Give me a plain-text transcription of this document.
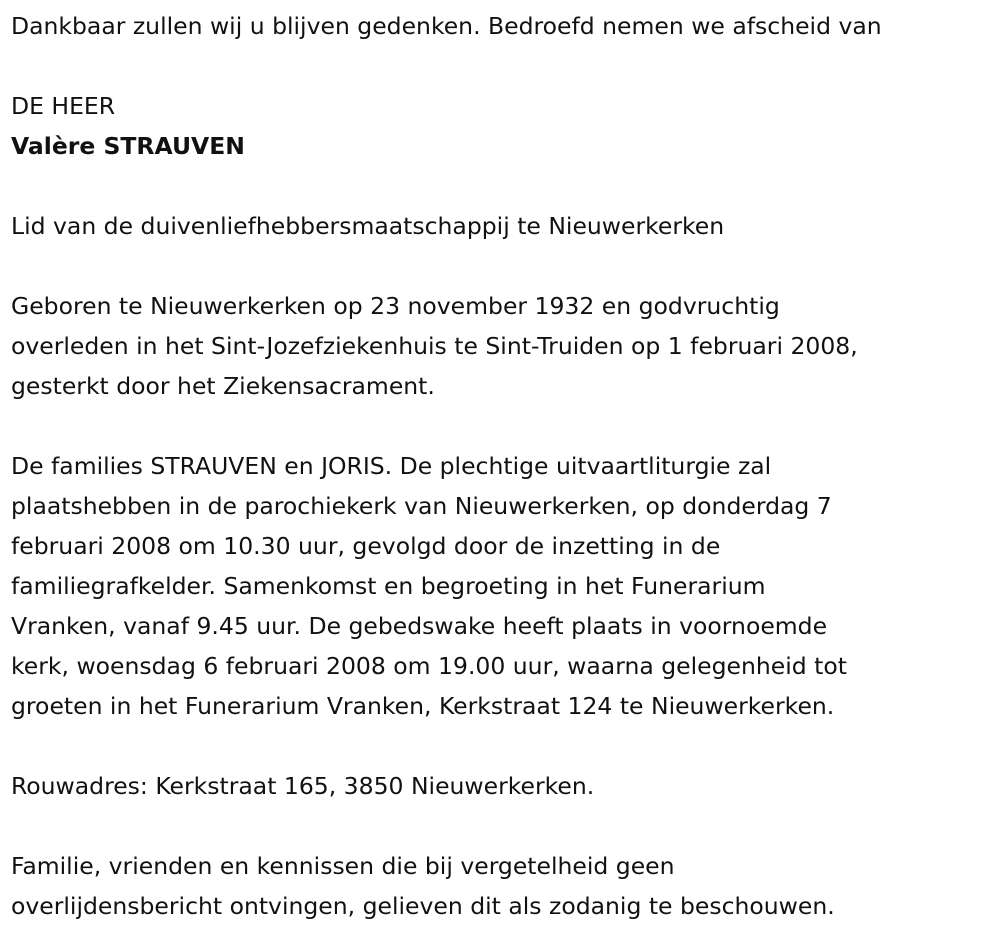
Dankbaar zullen wij u blijven gedenken. Bedroefd nemen we afscheid van

DE HEER

Valère STRAUVEN

Lid van de duivenliefhebbersmaatschappij te Nieuwerkerken

Geboren te Nieuwerkerken op 23 november 1932 en godvruchtig

overleden in het Sint-Jozefziekenhuis te Sint-Truiden op 1 februari 2008,

gesterkt door het Ziekensacrament.

De families STRAUVEN en JORIS. De plechtige uitvaartliturgie zal

plaatshebben in de parochiekerk van Nieuwerkerken, op donderdag 7

februari 2008 om 10.30 uur, gevolgd door de inzetting in de

familiegrafkelder. Samenkomst en begroeting in het Funerarium

Vranken, vanaf 9.45 uur. De gebedswake heeft plaats in voornoemde

kerk, woensdag 6 februari 2008 om 19.00 uur, waarna gelegenheid tot

groeten in het Funerarium Vranken, Kerkstraat 124 te Nieuwerkerken.

Rouwadres: Kerkstraat 165, 3850 Nieuwerkerken.

Familie, vrienden en kennissen die bij vergetelheid geen

overlijdensbericht ontvingen, gelieven dit als zodanig te beschouwen.
